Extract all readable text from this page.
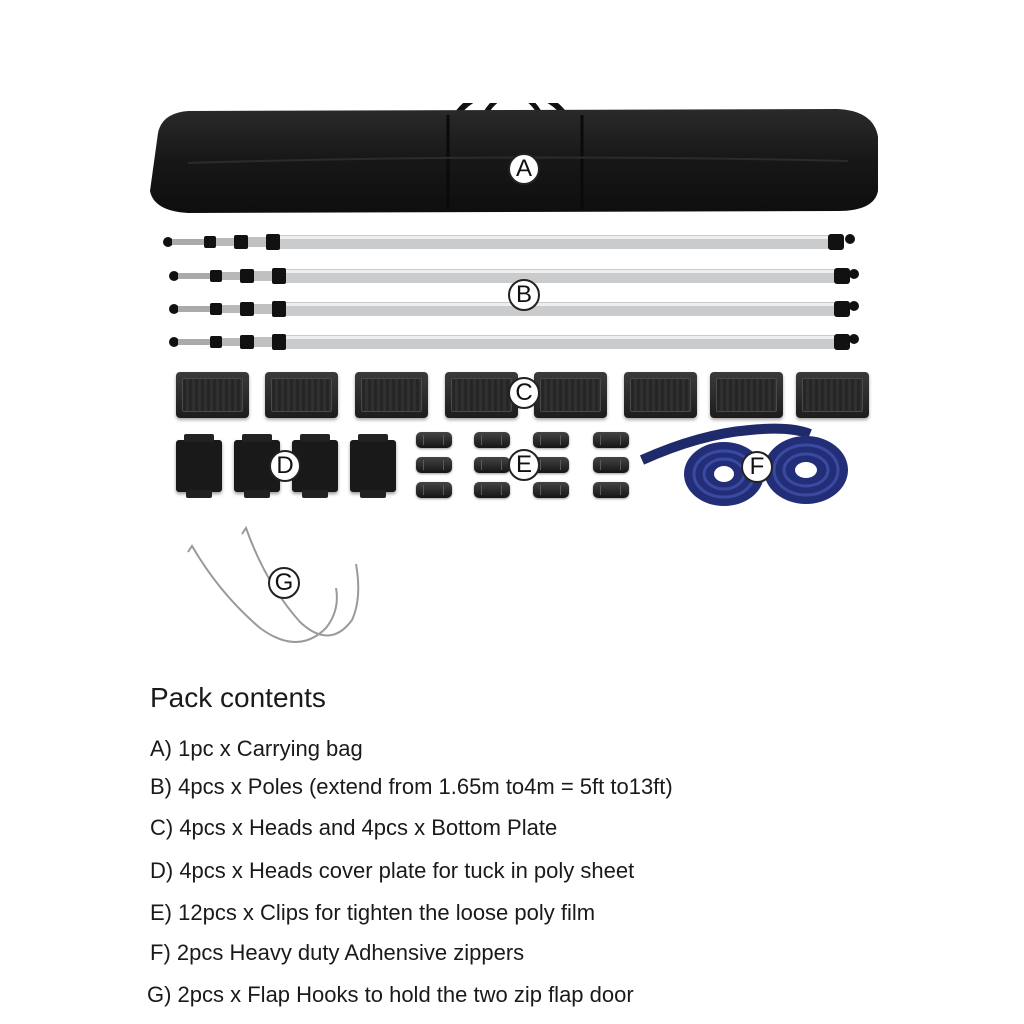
A
B
C
D	E	F
G
Pack contents
A) 1pc x Carrying bag
B) 4pcs x Poles (extend from 1.65m to4m = 5ft to13ft)
C) 4pcs x Heads and 4pcs x Bottom Plate
D) 4pcs x Heads cover plate for tuck in poly sheet
E) 12pcs x Clips for tighten the loose poly film
F) 2pcs Heavy duty Adhensive zippers
G) 2pcs x Flap Hooks to hold the two zip flap door
